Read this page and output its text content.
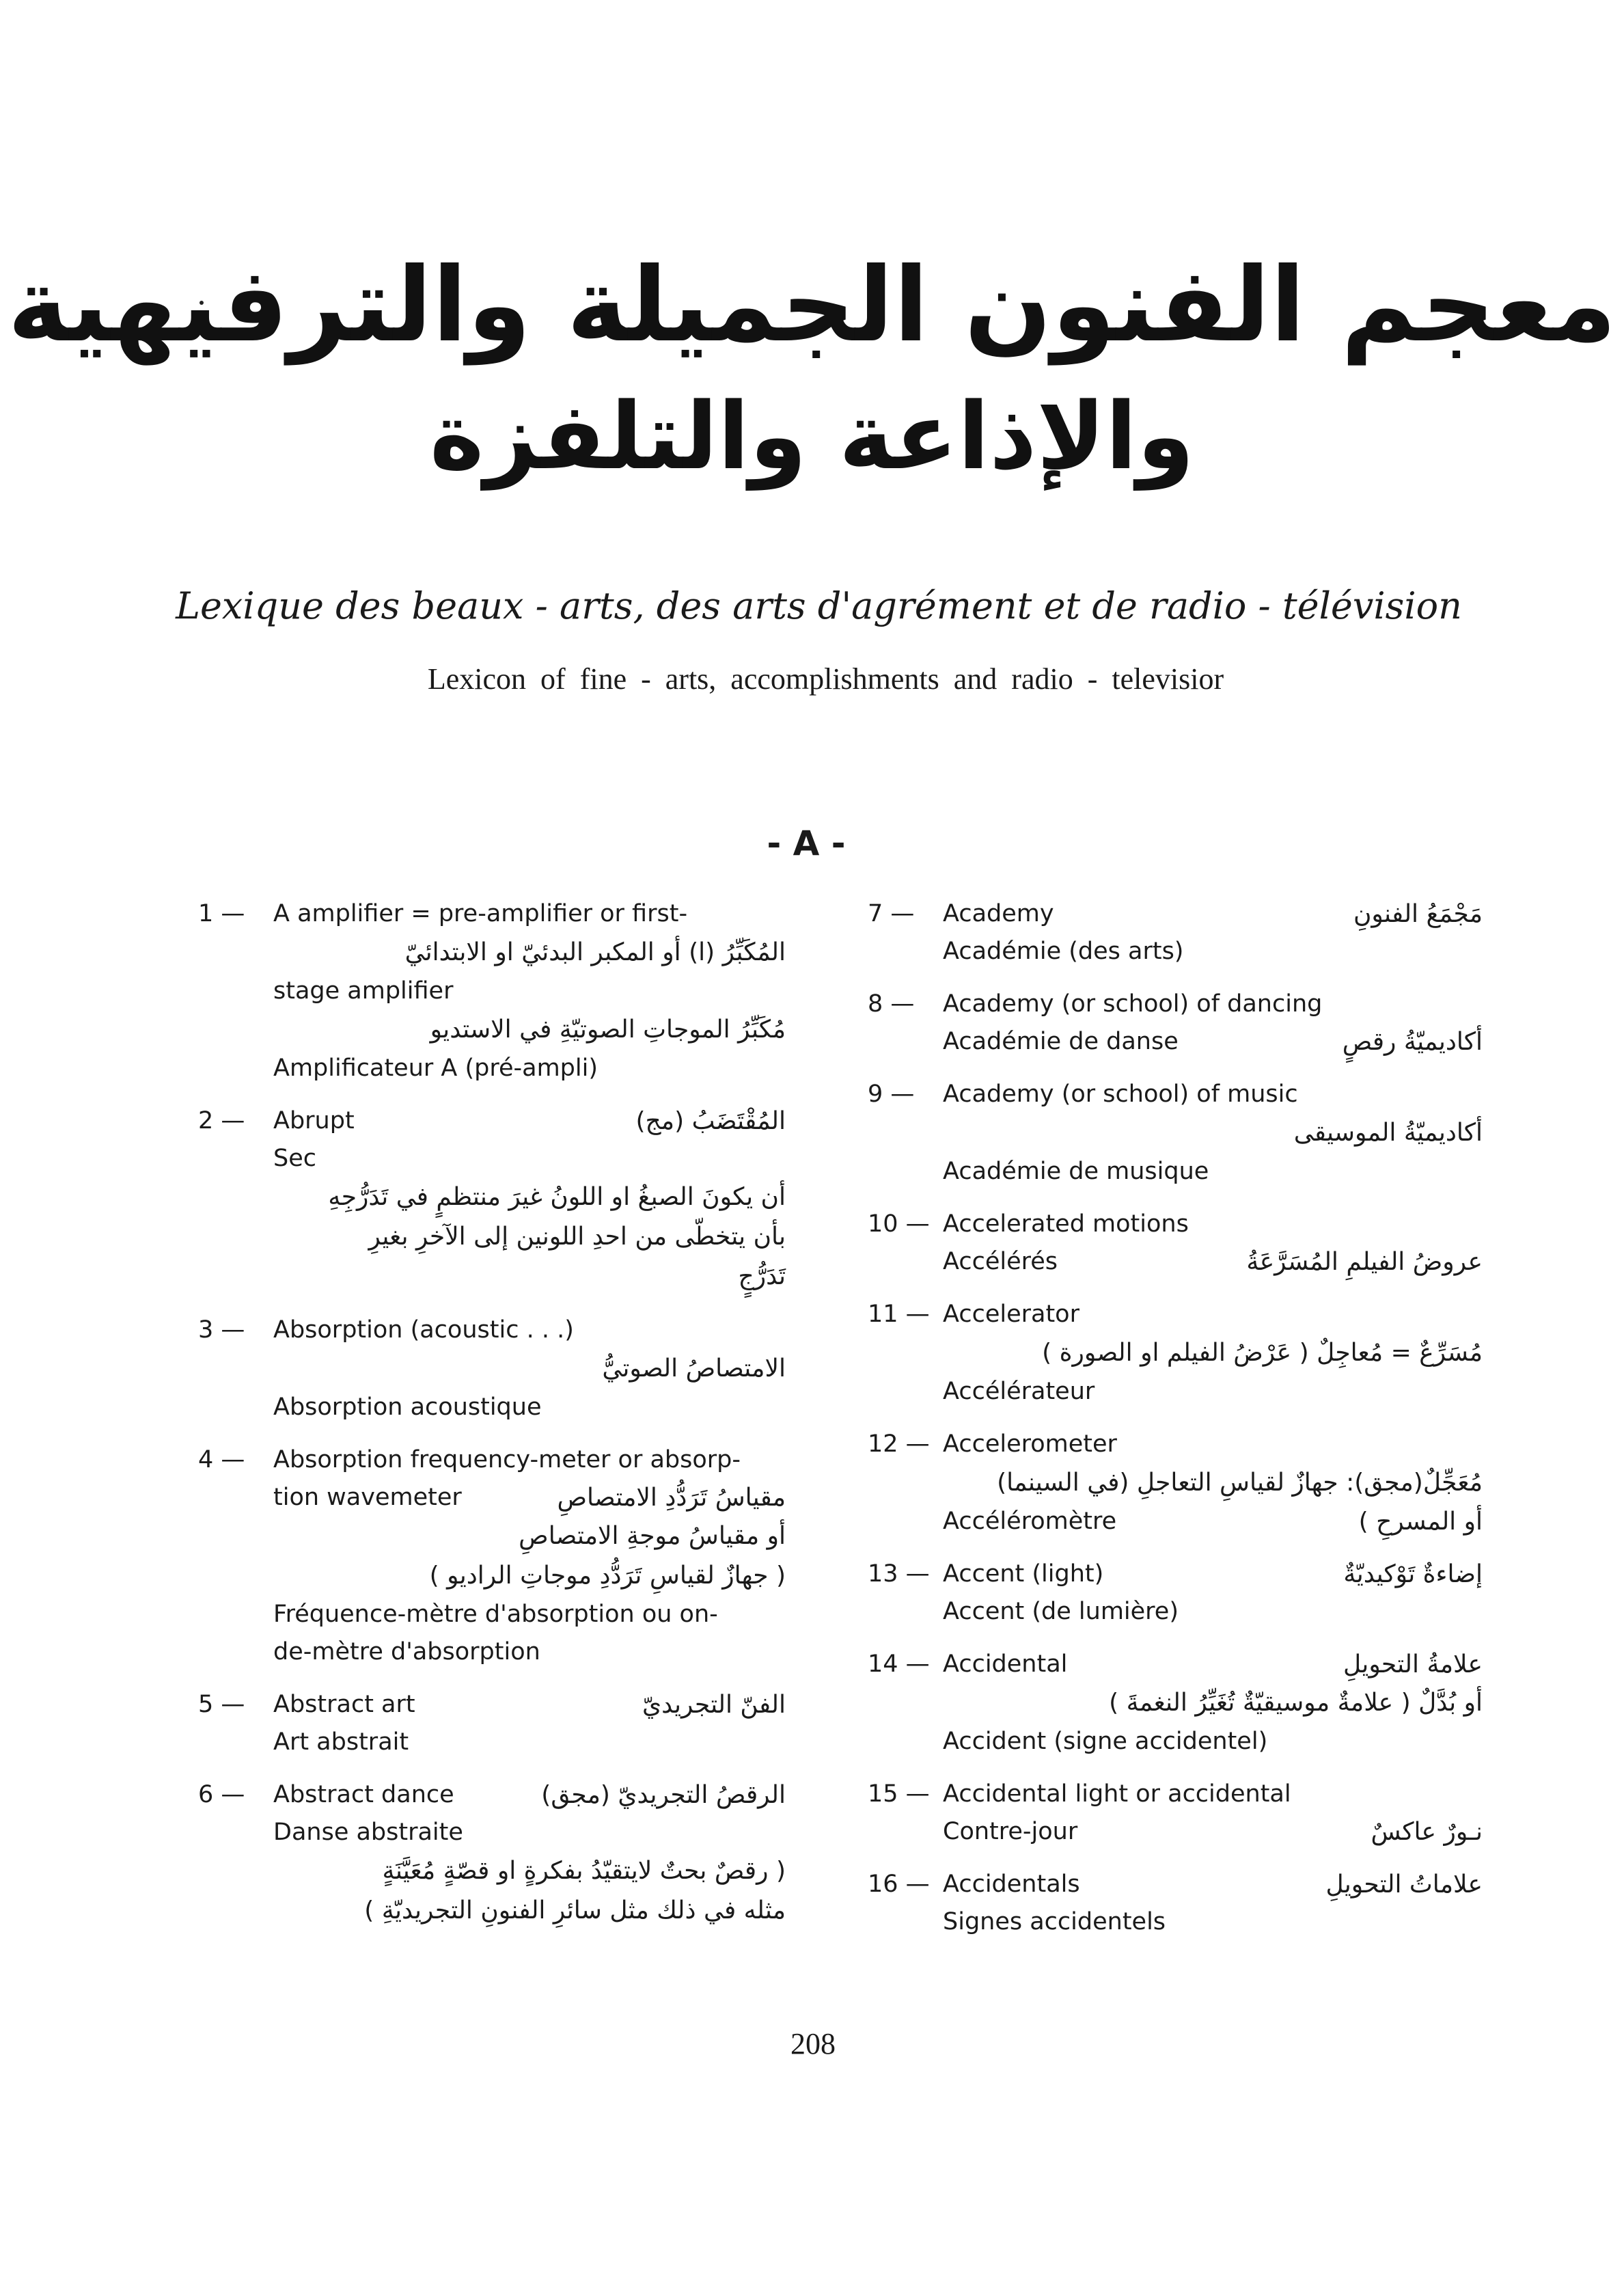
معجم الفنون الجميلة والترفيهية
والإذاعة والتلفزة
Lexique des beaux - arts, des arts d'agrément et de radio - télévision
Lexicon of fine - arts, accomplishments and radio - televisior
- A -
1 — A amplifier = pre-amplifier or first-
المُكَبِّرُ (ا) أو المكبر البدئيّ او الابتدائيّ
stage amplifier
مُكَبِّرُ الموجاتِ الصوتيّةِ في الاستديو
Amplificateur A (pré-ampli)
2 — Abrupt	المُقْتَضَبُ (مج)
Sec
أن يكونَ الصبغُ او اللونُ غيرَ منتظمٍ في تَدَرُّجِهِ
بأن يتخطّى من احدِ اللونين إلى الآخرِ بغيرِ
تَدَرُّجٍ
3 — Absorption (acoustic . . .)
الامتصاصُ الصوتيُّ
Absorption acoustique
4 — Absorption frequency-meter or absorp-
tion wavemeter	مقياسُ تَرَدُّدِ الامتصاصِ
أو مقياسُ موجةِ الامتصاصِ
( جهازٌ لقياسِ تَرَدُّدِ موجاتِ الراديو )
Fréquence-mètre d'absorption ou on-
de-mètre d'absorption
5 — Abstract art	الفنّ التجريديّ
Art abstrait
6 — Abstract dance	الرقصُ التجريديّ (مجق)
Danse abstraite
( رقصٌ بحتٌ لايتقيّدُ بفكرةٍ او قصّةٍ مُعَيَّنَةٍ
مثله في ذلك مثل سائرِ الفنونِ التجريديّةِ )
7 — Academy	مَجْمَعُ الفنونِ
Académie (des arts)
8 — Academy (or school) of dancing
Académie de danse	أكاديميّةُ رقصٍ
9 — Academy (or school) of music
أكاديميّةُ الموسيقى
Académie de musique
10 — Accelerated motions
Accélérés	عروضُ الفيلمِ المُسَرَّعَةُ
11 — Accelerator
مُسَرِّعٌ = مُعاجِلٌ ( عَرْضُ الفيلم او الصورة )
Accélérateur
12 — Accelerometer
مُعَجِّلٌ(مجق): جهازٌ لقياسِ التعاجلِ (في السينما)
Accéléromètre	أو المسرحِ )
13 — Accent (light)	إضاءةٌ تَوْكيديّةٌ
Accent (de lumière)
14 — Accidental	علامةُ التحويلِ
أو بُدَّلٌ ( علامةٌ موسيقيّةٌ تُغَيِّرُ النغمةَ )
Accident (signe accidentel)
15 — Accidental light or accidental
Contre-jour	نـورٌ عاكسٌ
16 — Accidentals	علاماتُ التحويلِ
Signes accidentels
208
